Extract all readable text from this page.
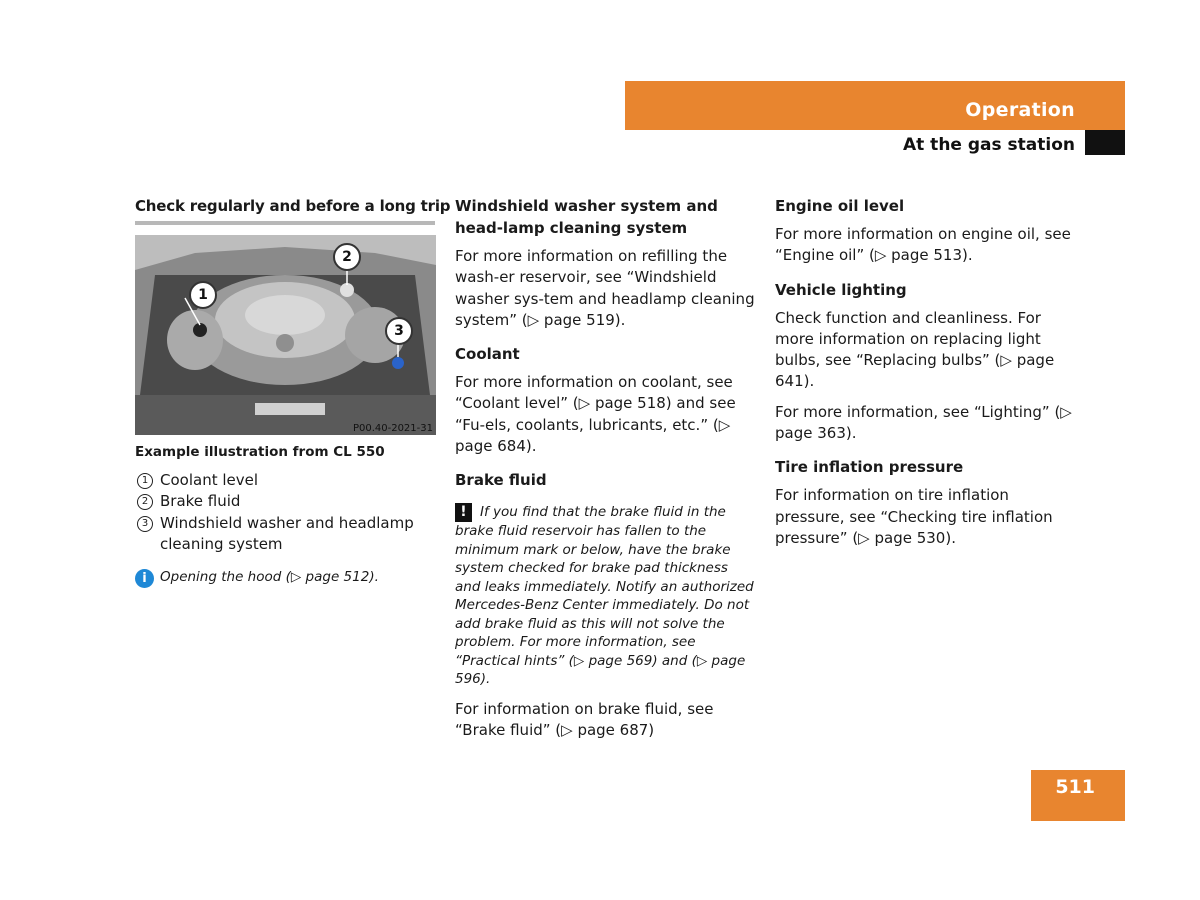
Operation
At the gas station
Check regularly and before a long trip
1
2
3
P00.40-2021-31
Example illustration from CL 550
1 Coolant level
2 Brake fluid
3 Windshield washer and headlamp cleaning system
i Opening the hood (▷ page 512).
Windshield washer system and head-lamp cleaning system
For more information on refilling the wash-er reservoir, see “Windshield washer sys-tem and headlamp cleaning system” (▷ page 519).
Coolant
For more information on coolant, see “Coolant level” (▷ page 518) and see “Fu-els, coolants, lubricants, etc.” (▷ page 684).
Brake fluid
! If you find that the brake fluid in the brake fluid reservoir has fallen to the minimum mark or below, have the brake system checked for brake pad thickness and leaks immediately. Notify an authorized Mercedes-Benz Center immediately. Do not add brake fluid as this will not solve the problem. For more information, see “Practical hints” (▷ page 569) and (▷ page 596).
For information on brake fluid, see “Brake fluid” (▷ page 687)
Engine oil level
For more information on engine oil, see “Engine oil” (▷ page 513).
Vehicle lighting
Check function and cleanliness. For more information on replacing light bulbs, see “Replacing bulbs” (▷ page 641).
For more information, see “Lighting” (▷ page 363).
Tire inflation pressure
For information on tire inflation pressure, see “Checking tire inflation pressure” (▷ page 530).
511
